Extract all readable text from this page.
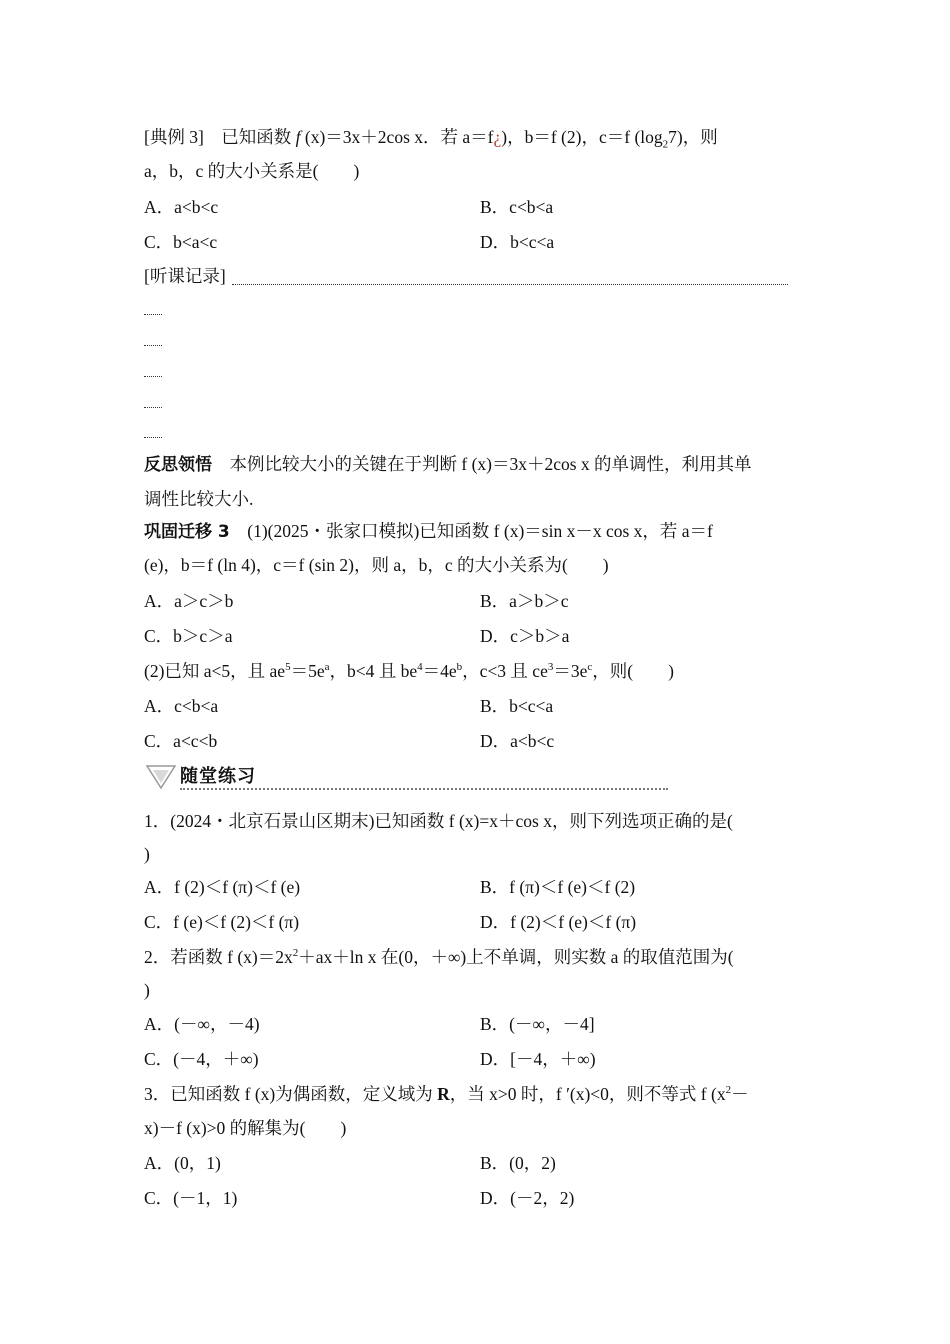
[典例 3]　 已知函数 f (x)＝3x＋2cos x．若 a＝f¿)，b＝f (2)，c＝f $(\log_27)$，则
a，b，c 的大小关系是(　　)
A．a<b<c	B．c<b<a
C．b<a<c	D．b<c<a
[听课记录]
反思领悟　本例比较大小的关键在于判断 f (x)＝3x＋2cos x 的单调性，利用其单
调性比较大小.
巩固迁移 3　(1)(2025・张家口模拟)已知函数 f (x)＝sin x－x cos x，若 a＝f
(e)，b＝f (ln 4)，c＝f (sin 2)，则 a，b，c 的大小关系为(　　)
A．a＞c＞b	B．a＞b＞c
C．b＞c＞a	D．c＞b＞a
(2)已知 a<5，且 $ae^5=5e^a$，b<4 且 $be^4=4e^b$，c<3 且 $ce^3=3e^c$，则(　　)
A．c<b<a	B．b<c<a
C．a<c<b	D．a<b<c
随堂练习
1．(2024・北京石景山区期末)已知函数 f (x)=x＋cos x，则下列选项正确的是(
)
A．f (2)＜f (π)＜f (e)	B．f (π)＜f (e)＜f (2)
C．f (e)＜f (2)＜f (π)	D．f (2)＜f (e)＜f (π)
2．若函数 f $(x)=2x^2+ax+\ln$ x 在(0，＋∞)上不单调，则实数 a 的取值范围为(
)
A．(－∞，－4)	B．(－∞，－4]
C．(－4，＋∞)	D．[－4，＋∞)
3．已知函数 f (x)为偶函数，定义域为 R，当 x>0 时，f ′(x)<0，则不等式 f ($x^2-$
x)－f (x)>0 的解集为(　　)
A．(0，1)	B．(0，2)
C．(－1，1)	D．(－2，2)
